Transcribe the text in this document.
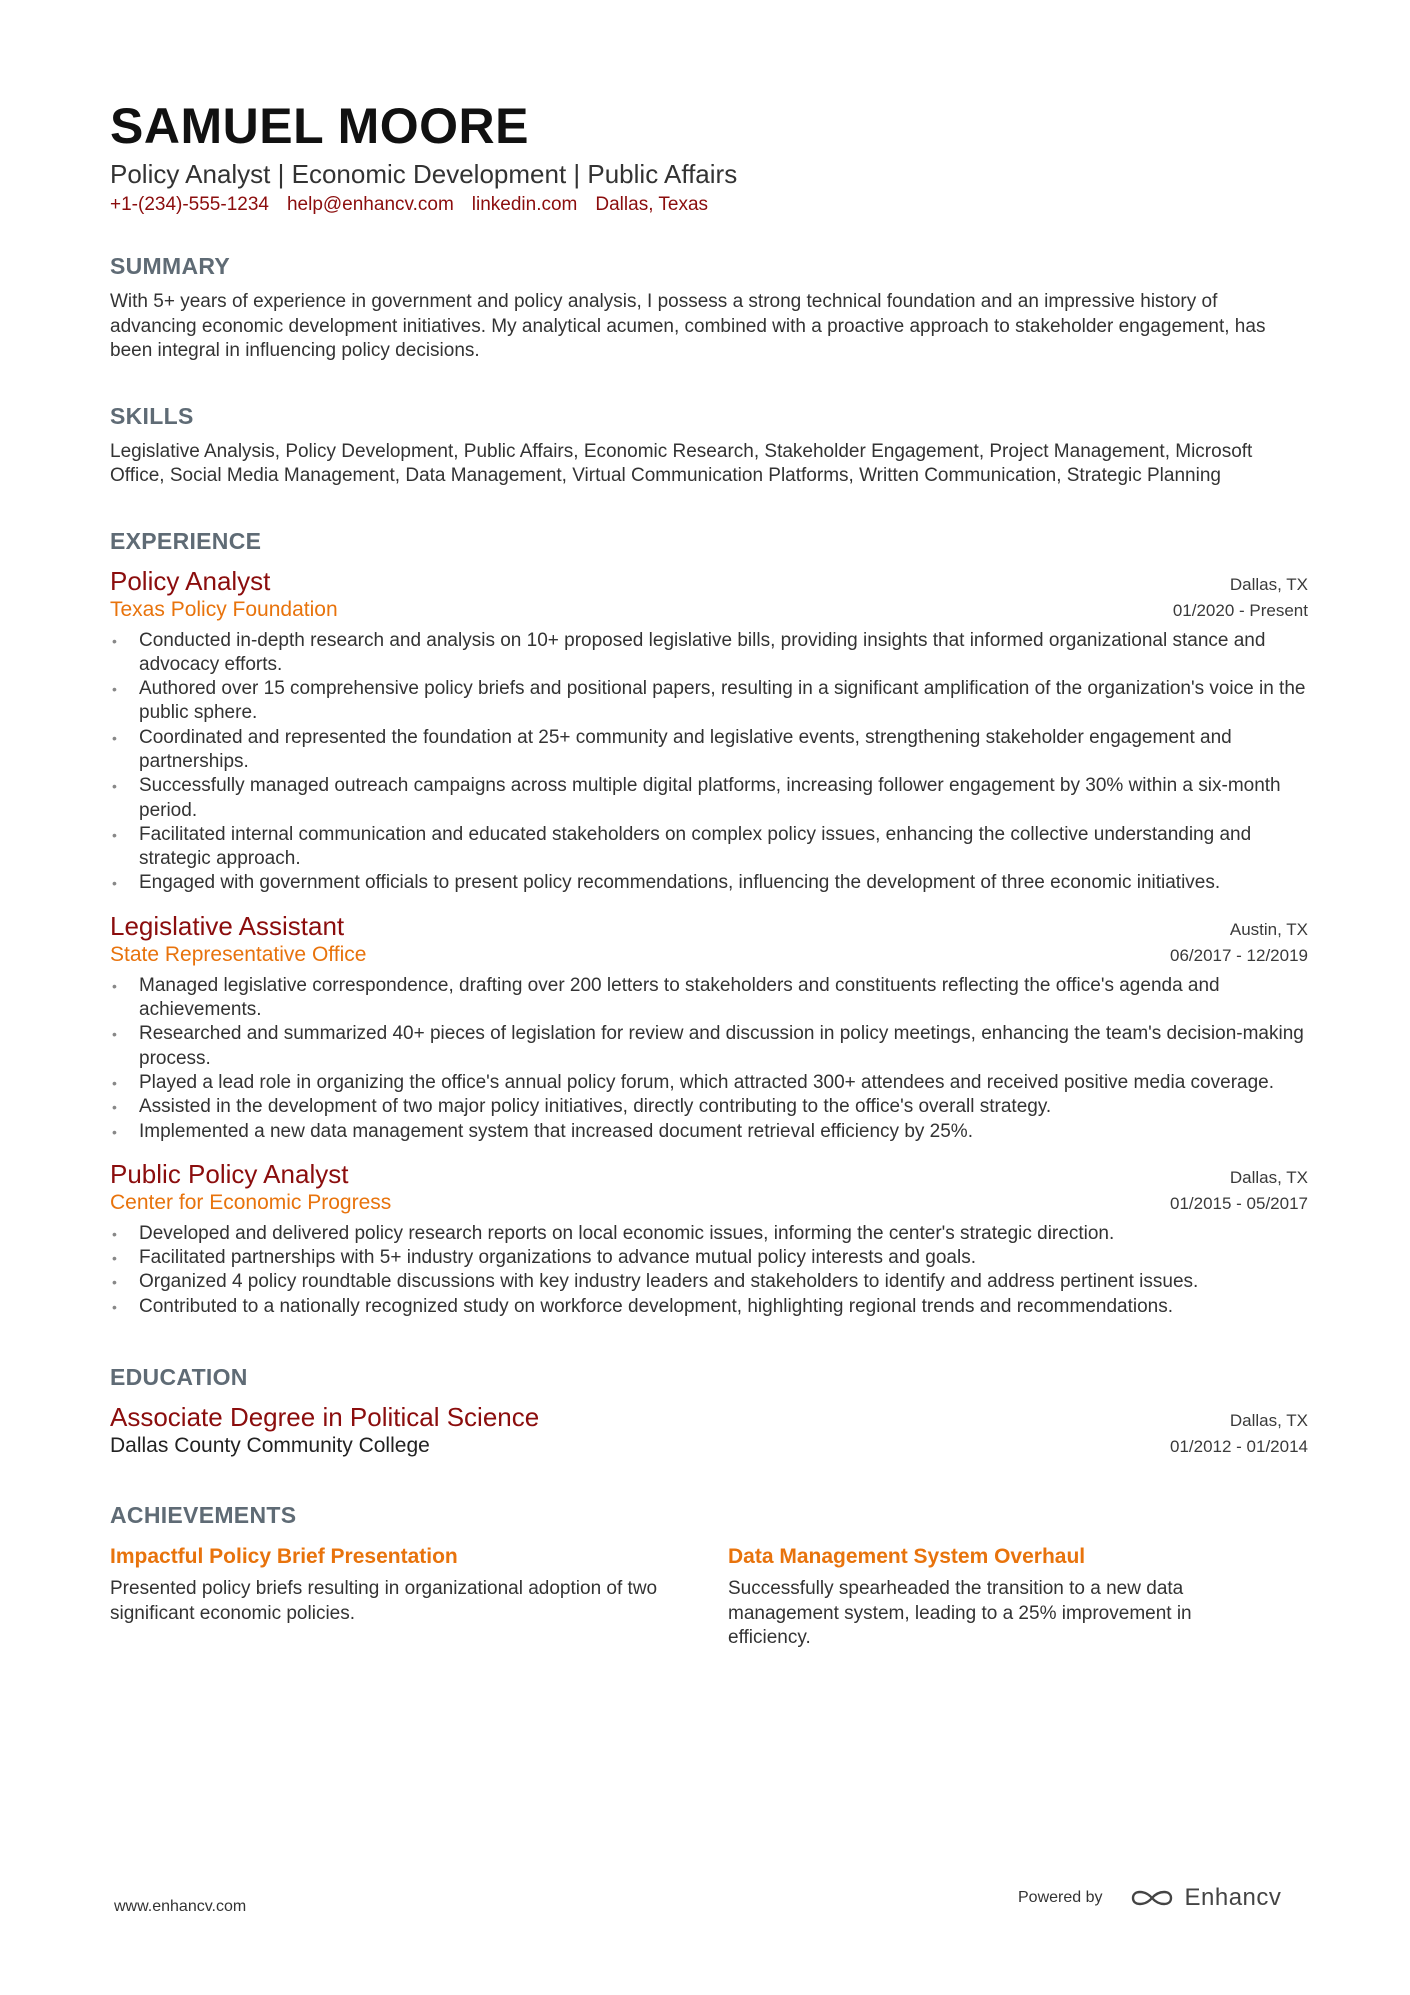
SAMUEL MOORE
Policy Analyst | Economic Development | Public Affairs
+1-(234)-555-1234 help@enhancv.com linkedin.com Dallas, Texas
SUMMARY
With 5+ years of experience in government and policy analysis, I possess a strong technical foundation and an impressive history of advancing economic development initiatives. My analytical acumen, combined with a proactive approach to stakeholder engagement, has been integral in influencing policy decisions.
SKILLS
Legislative Analysis, Policy Development, Public Affairs, Economic Research, Stakeholder Engagement, Project Management, Microsoft Office, Social Media Management, Data Management, Virtual Communication Platforms, Written Communication, Strategic Planning
EXPERIENCE
Policy Analyst	Dallas, TX
Texas Policy Foundation	01/2020 - Present
• Conducted in-depth research and analysis on 10+ proposed legislative bills, providing insights that informed organizational stance and advocacy efforts.
• Authored over 15 comprehensive policy briefs and positional papers, resulting in a significant amplification of the organization's voice in the public sphere.
• Coordinated and represented the foundation at 25+ community and legislative events, strengthening stakeholder engagement and partnerships.
• Successfully managed outreach campaigns across multiple digital platforms, increasing follower engagement by 30% within a six-month period.
• Facilitated internal communication and educated stakeholders on complex policy issues, enhancing the collective understanding and strategic approach.
• Engaged with government officials to present policy recommendations, influencing the development of three economic initiatives.
Legislative Assistant	Austin, TX
State Representative Office	06/2017 - 12/2019
• Managed legislative correspondence, drafting over 200 letters to stakeholders and constituents reflecting the office's agenda and achievements.
• Researched and summarized 40+ pieces of legislation for review and discussion in policy meetings, enhancing the team's decision-making process.
• Played a lead role in organizing the office's annual policy forum, which attracted 300+ attendees and received positive media coverage.
• Assisted in the development of two major policy initiatives, directly contributing to the office's overall strategy.
• Implemented a new data management system that increased document retrieval efficiency by 25%.
Public Policy Analyst	Dallas, TX
Center for Economic Progress	01/2015 - 05/2017
• Developed and delivered policy research reports on local economic issues, informing the center's strategic direction.
• Facilitated partnerships with 5+ industry organizations to advance mutual policy interests and goals.
• Organized 4 policy roundtable discussions with key industry leaders and stakeholders to identify and address pertinent issues.
• Contributed to a nationally recognized study on workforce development, highlighting regional trends and recommendations.
EDUCATION
Associate Degree in Political Science	Dallas, TX
Dallas County Community College	01/2012 - 01/2014
ACHIEVEMENTS
Impactful Policy Brief Presentation
Presented policy briefs resulting in organizational adoption of two significant economic policies.
Data Management System Overhaul
Successfully spearheaded the transition to a new data management system, leading to a 25% improvement in efficiency.
www.enhancv.com
Powered by	Enhancv
